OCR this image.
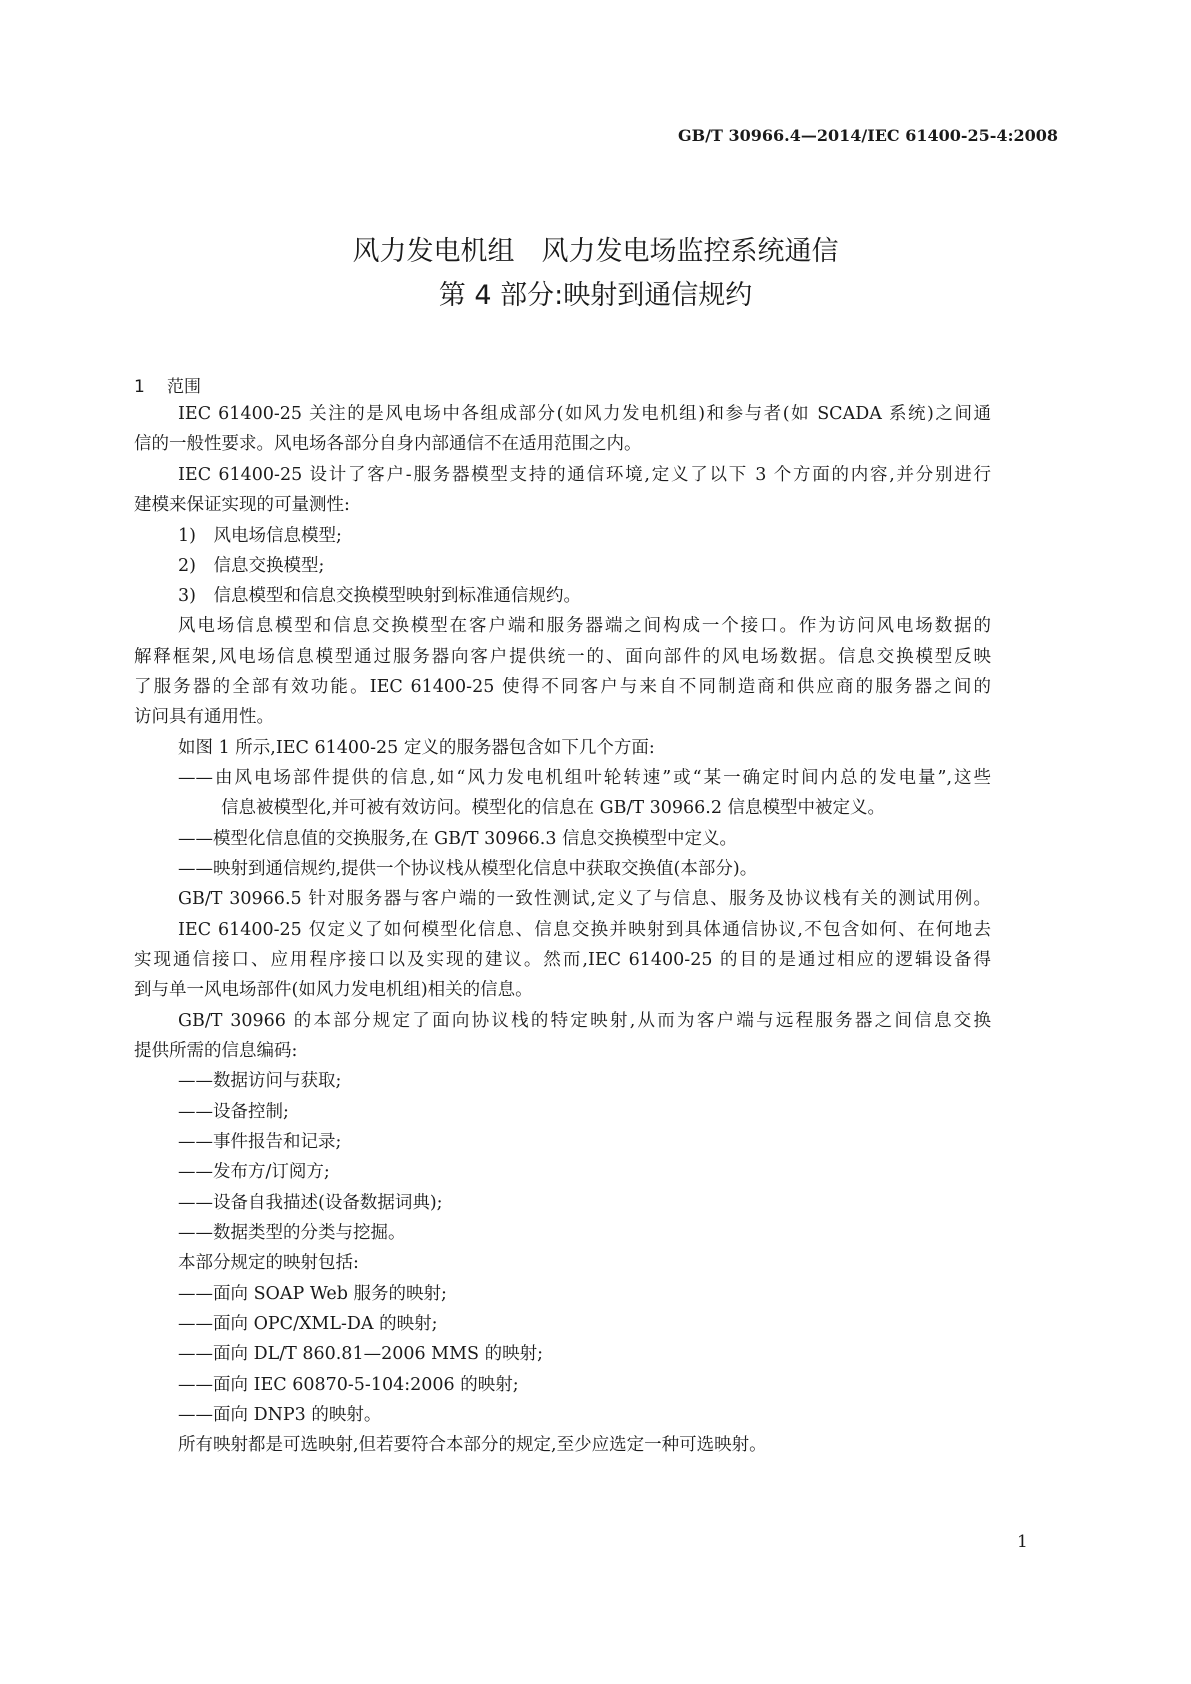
GB/T 30966.4—2014/IEC 61400-25-4:2008
风力发电机组　风力发电场监控系统通信
第 4 部分:映射到通信规约
1 范围
IEC 61400-25 关注的是风电场中各组成部分(如风力发电机组)和参与者(如 SCADA 系统)之间通
信的一般性要求。风电场各部分自身内部通信不在适用范围之内。
IEC 61400-25 设计了客户-服务器模型支持的通信环境,定义了以下 3 个方面的内容,并分别进行
建模来保证实现的可量测性:
1)　风电场信息模型;
2)　信息交换模型;
3)　信息模型和信息交换模型映射到标准通信规约。
风电场信息模型和信息交换模型在客户端和服务器端之间构成一个接口。作为访问风电场数据的
解释框架,风电场信息模型通过服务器向客户提供统一的、面向部件的风电场数据。信息交换模型反映
了服务器的全部有效功能。IEC 61400-25 使得不同客户与来自不同制造商和供应商的服务器之间的
访问具有通用性。
如图 1 所示,IEC 61400-25 定义的服务器包含如下几个方面:
——由风电场部件提供的信息,如“风力发电机组叶轮转速”或“某一确定时间内总的发电量”,这些
信息被模型化,并可被有效访问。模型化的信息在 GB/T 30966.2 信息模型中被定义。
——模型化信息值的交换服务,在 GB/T 30966.3 信息交换模型中定义。
——映射到通信规约,提供一个协议栈从模型化信息中获取交换值(本部分)。
GB/T 30966.5 针对服务器与客户端的一致性测试,定义了与信息、服务及协议栈有关的测试用例。
IEC 61400-25 仅定义了如何模型化信息、信息交换并映射到具体通信协议,不包含如何、在何地去
实现通信接口、应用程序接口以及实现的建议。然而,IEC 61400-25 的目的是通过相应的逻辑设备得
到与单一风电场部件(如风力发电机组)相关的信息。
GB/T 30966 的本部分规定了面向协议栈的特定映射,从而为客户端与远程服务器之间信息交换
提供所需的信息编码:
——数据访问与获取;
——设备控制;
——事件报告和记录;
——发布方/订阅方;
——设备自我描述(设备数据词典);
——数据类型的分类与挖掘。
本部分规定的映射包括:
——面向 SOAP Web 服务的映射;
——面向 OPC/XML-DA 的映射;
——面向 DL/T 860.81—2006 MMS 的映射;
——面向 IEC 60870-5-104:2006 的映射;
——面向 DNP3 的映射。
所有映射都是可选映射,但若要符合本部分的规定,至少应选定一种可选映射。
1
